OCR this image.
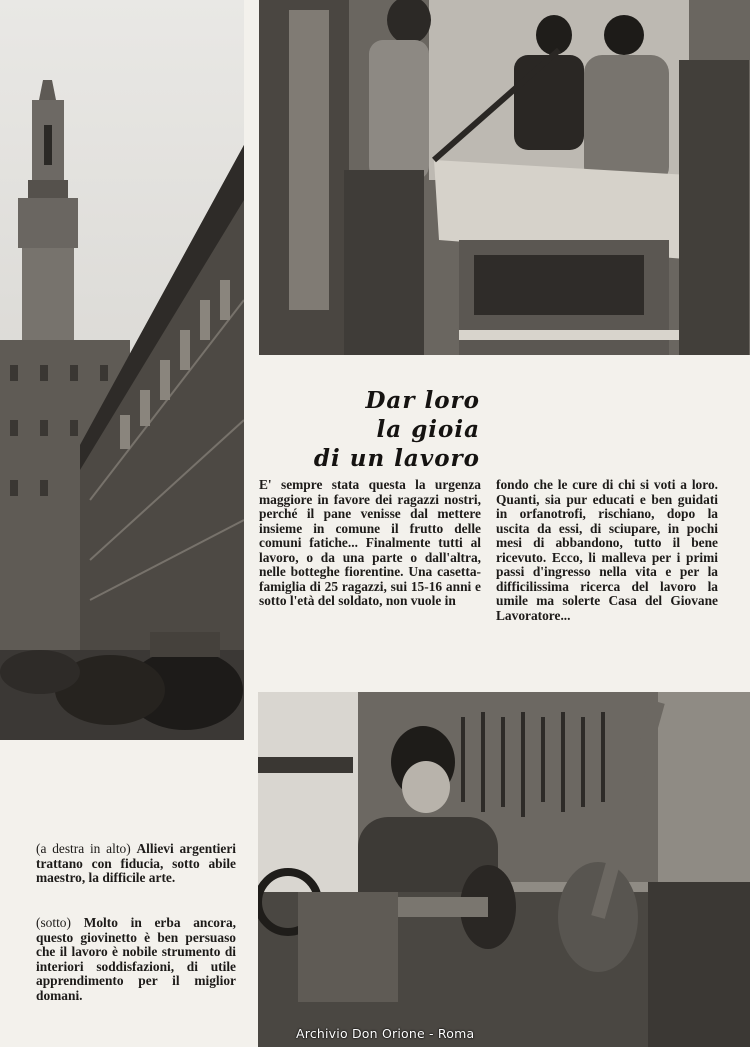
Dar loro
la gioia
di un lavoro
E' sempre stata questa la urgenza maggiore in favore dei ragazzi nostri, perché il pane venisse dal mettere insieme in comune il frutto delle comuni fatiche... Finalmente tutti al lavoro, o da una parte o dall'altra, nelle botteghe fiorentine. Una casetta-famiglia di 25 ragazzi, sui 15-16 anni e sotto l'età del soldato, non vuole in
fondo che le cure di chi si voti a loro. Quanti, sia pur educati e ben guidati in orfanotrofi, rischiano, dopo la uscita da essi, di sciupare, in pochi mesi di abbandono, tutto il bene ricevuto. Ecco, li malleva per i primi passi d'ingresso nella vita e per la difficilissima ricerca del lavoro la umile ma solerte Casa del Giovane Lavoratore...
(a destra in alto) Allievi argentieri trattano con fiducia, sotto abile maestro, la difficile arte.
(sotto) Molto in erba ancora, questo giovinetto è ben persuaso che il lavoro è nobile strumento di interiori soddisfazioni, di utile apprendimento per il miglior domani.
Archivio Don Orione - Roma
